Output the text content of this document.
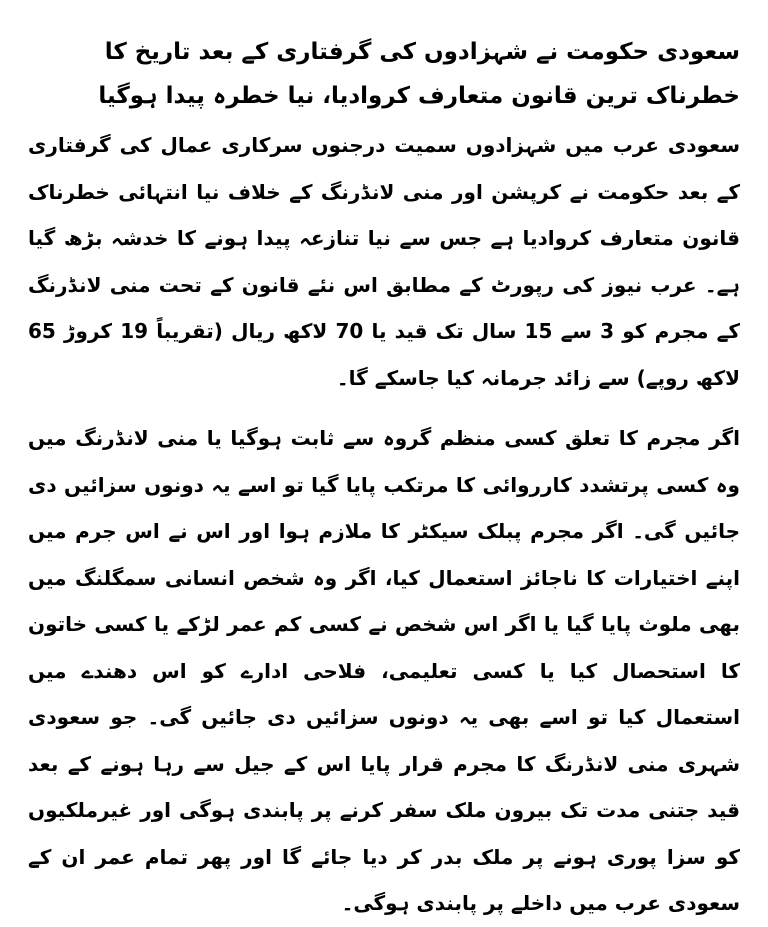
سعودی حکومت نے شہزادوں کی گرفتاری کے بعد تاریخ کا خطرناک ترین قانون متعارف کروادیا، نیا خطرہ پیدا ہوگیا

سعودی عرب میں شہزادوں سمیت درجنوں سرکاری عمال کی گرفتاری کے بعد حکومت نے کرپشن اور منی لانڈرنگ کے خلاف نیا انتہائی خطرناک قانون متعارف کروادیا ہے جس سے نیا تنازعہ پیدا ہونے کا خدشہ بڑھ گیا ہے۔ عرب نیوز کی رپورٹ کے مطابق اس نئے قانون کے تحت منی لانڈرنگ کے مجرم کو 3 سے 15 سال تک قید یا 70 لاکھ ریال (تقریباً 19 کروڑ 65 لاکھ روپے) سے زائد جرمانہ کیا جاسکے گا۔

اگر مجرم کا تعلق کسی منظم گروہ سے ثابت ہوگیا یا منی لانڈرنگ میں وہ کسی پرتشدد کارروائی کا مرتکب پایا گیا تو اسے یہ دونوں سزائیں دی جائیں گی۔ اگر مجرم پبلک سیکٹر کا ملازم ہوا اور اس نے اس جرم میں اپنے اختیارات کا ناجائز استعمال کیا، اگر وہ شخص انسانی سمگلنگ میں بھی ملوث پایا گیا یا اگر اس شخص نے کسی کم عمر لڑکے یا کسی خاتون کا استحصال کیا یا کسی تعلیمی، فلاحی ادارے کو اس دھندے میں استعمال کیا تو اسے بھی یہ دونوں سزائیں دی جائیں گی۔ جو سعودی شہری منی لانڈرنگ کا مجرم قرار پایا اس کے جیل سے رہا ہونے کے بعد قید جتنی مدت تک بیرون ملک سفر کرنے پر پابندی ہوگی اور غیرملکیوں کو سزا پوری ہونے پر ملک بدر کر دیا جائے گا اور پھر تمام عمر ان کے سعودی عرب میں داخلے پر پابندی ہوگی۔
